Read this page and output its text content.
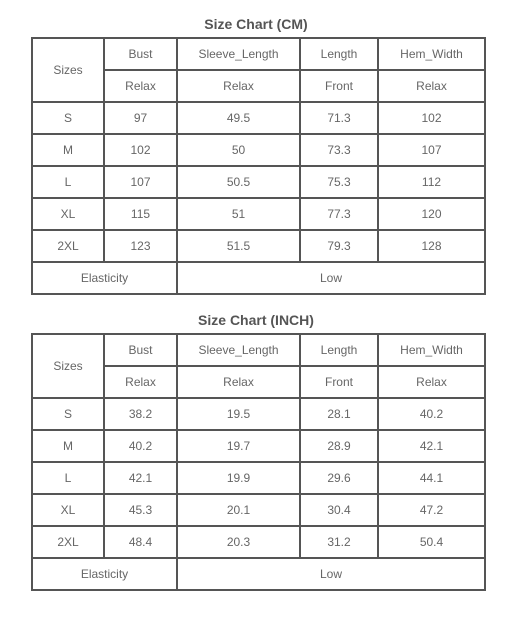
Size Chart (CM)
Sizes	Bust	Sleeve_Length	Length	Hem_Width
	Relax	Relax	Front	Relax
S	97	49.5	71.3	102
M	102	50	73.3	107
L	107	50.5	75.3	112
XL	115	51	77.3	120
2XL	123	51.5	79.3	128
Elasticity		Low		
Size Chart (INCH)
Sizes	Bust	Sleeve_Length	Length	Hem_Width
	Relax	Relax	Front	Relax
S	38.2	19.5	28.1	40.2
M	40.2	19.7	28.9	42.1
L	42.1	19.9	29.6	44.1
XL	45.3	20.1	30.4	47.2
2XL	48.4	20.3	31.2	50.4
Elasticity		Low		
